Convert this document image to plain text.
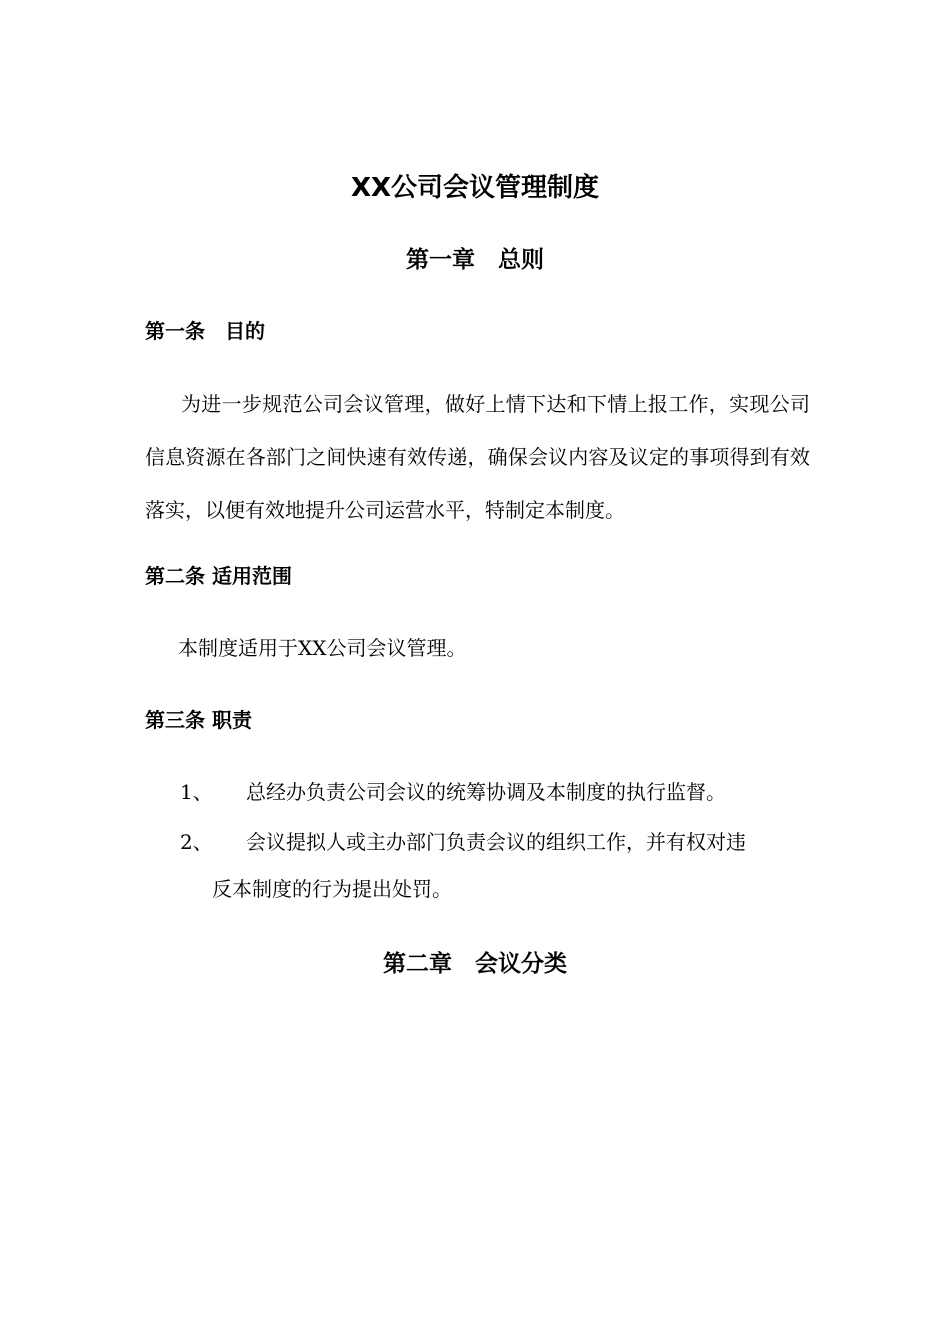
XX公司会议管理制度
第一章　总则
第一条　目的

为进一步规范公司会议管理，做好上情下达和下情上报工作，实现公司信息资源在各部门之间快速有效传递，确保会议内容及议定的事项得到有效落实，以便有效地提升公司运营水平，特制定本制度。

第二条 适用范围

本制度适用于XX公司会议管理。

第三条 职责
1、 总经办负责公司会议的统筹协调及本制度的执行监督。
2、 会议提拟人或主办部门负责会议的组织工作，并有权对违
反本制度的行为提出处罚。
第二章　会议分类
